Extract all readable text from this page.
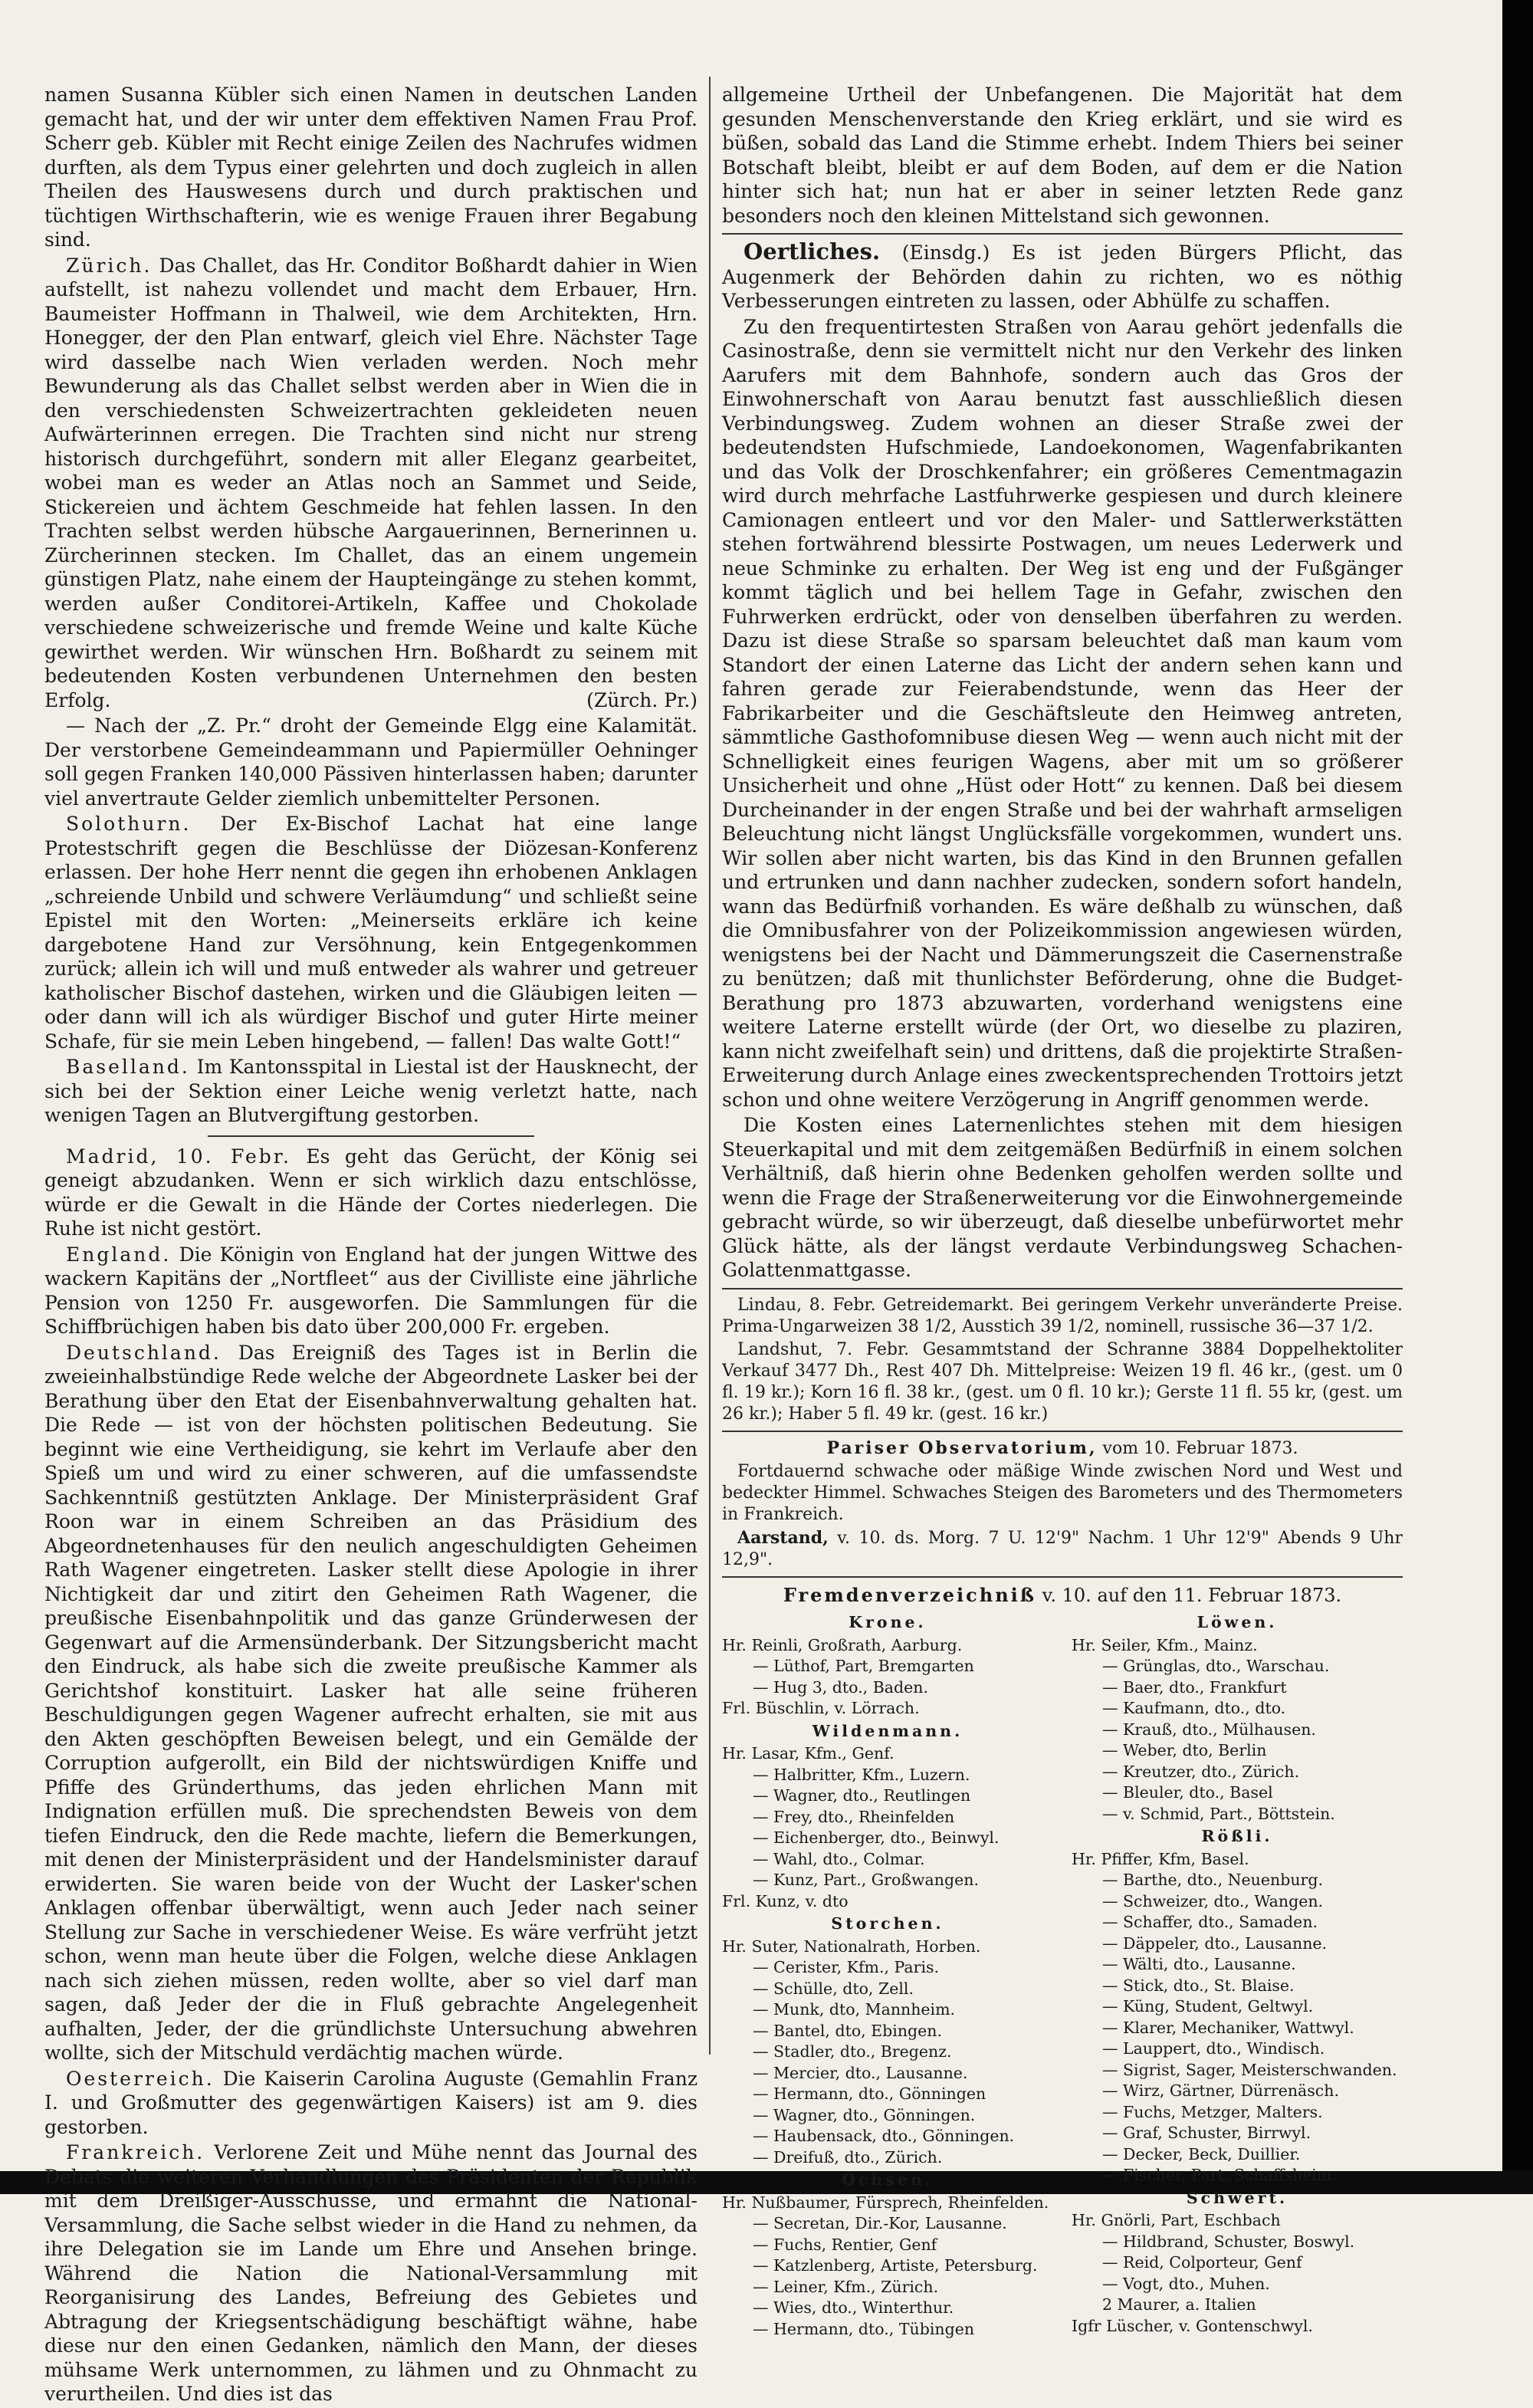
namen Susanna Kübler sich einen Namen in deutschen Landen gemacht hat, und der wir unter dem effektiven Namen Frau Prof. Scherr geb. Kübler mit Recht einige Zeilen des Nachrufes widmen durften, als dem Typus einer gelehrten und doch zugleich in allen Theilen des Hauswesens durch und durch praktischen und tüchtigen Wirthschafterin, wie es wenige Frauen ihrer Begabung sind.

Zürich. Das Challet, das Hr. Conditor Boßhardt dahier in Wien aufstellt, ist nahezu vollendet und macht dem Erbauer, Hrn. Baumeister Hoffmann in Thalweil, wie dem Architekten, Hrn. Honegger, der den Plan entwarf, gleich viel Ehre. Nächster Tage wird dasselbe nach Wien verladen werden. Noch mehr Bewunderung als das Challet selbst werden aber in Wien die in den verschiedensten Schweizertrachten gekleideten neuen Aufwärterinnen erregen. Die Trachten sind nicht nur streng historisch durchgeführt, sondern mit aller Eleganz gearbeitet, wobei man es weder an Atlas noch an Sammet und Seide, Stickereien und ächtem Geschmeide hat fehlen lassen. In den Trachten selbst werden hübsche Aargauerinnen, Bernerinnen u. Zürcherinnen stecken. Im Challet, das an einem ungemein günstigen Platz, nahe einem der Haupteingänge zu stehen kommt, werden außer Conditorei-Artikeln, Kaffee und Chokolade verschiedene schweizerische und fremde Weine und kalte Küche gewirthet werden. Wir wünschen Hrn. Boßhardt zu seinem mit bedeutenden Kosten verbundenen Unternehmen den besten Erfolg.	(Zürch. Pr.)

— Nach der „Z. Pr.“ droht der Gemeinde Elgg eine Kalamität. Der verstorbene Gemeindeammann und Papiermüller Oehninger soll gegen Franken 140,000 Pässiven hinterlassen haben; darunter viel anvertraute Gelder ziemlich unbemittelter Personen.

Solothurn. Der Ex-Bischof Lachat hat eine lange Protestschrift gegen die Beschlüsse der Diözesan-Konferenz erlassen. Der hohe Herr nennt die gegen ihn erhobenen Anklagen „schreiende Unbild und schwere Verläumdung“ und schließt seine Epistel mit den Worten: „Meinerseits erkläre ich keine dargebotene Hand zur Versöhnung, kein Entgegenkommen zurück; allein ich will und muß entweder als wahrer und getreuer katholischer Bischof dastehen, wirken und die Gläubigen leiten — oder dann will ich als würdiger Bischof und guter Hirte meiner Schafe, für sie mein Leben hingebend, — fallen! Das walte Gott!“

Baselland. Im Kantonsspital in Liestal ist der Hausknecht, der sich bei der Sektion einer Leiche wenig verletzt hatte, nach wenigen Tagen an Blutvergiftung gestorben.

Madrid, 10. Febr. Es geht das Gerücht, der König sei geneigt abzudanken. Wenn er sich wirklich dazu entschlösse, würde er die Gewalt in die Hände der Cortes niederlegen. Die Ruhe ist nicht gestört.

England. Die Königin von England hat der jungen Wittwe des wackern Kapitäns der „Nortfleet“ aus der Civilliste eine jährliche Pension von 1250 Fr. ausgeworfen. Die Sammlungen für die Schiffbrüchigen haben bis dato über 200,000 Fr. ergeben.

Deutschland. Das Ereigniß des Tages ist in Berlin die zweieinhalbstündige Rede welche der Abgeordnete Lasker bei der Berathung über den Etat der Eisenbahnverwaltung gehalten hat. Die Rede — ist von der höchsten politischen Bedeutung. Sie beginnt wie eine Vertheidigung, sie kehrt im Verlaufe aber den Spieß um und wird zu einer schweren, auf die umfassendste Sachkenntniß gestützten Anklage. Der Ministerpräsident Graf Roon war in einem Schreiben an das Präsidium des Abgeordnetenhauses für den neulich angeschuldigten Geheimen Rath Wagener eingetreten. Lasker stellt diese Apologie in ihrer Nichtigkeit dar und zitirt den Geheimen Rath Wagener, die preußische Eisenbahnpolitik und das ganze Gründerwesen der Gegenwart auf die Armensünderbank. Der Sitzungsbericht macht den Eindruck, als habe sich die zweite preußische Kammer als Gerichtshof konstituirt. Lasker hat alle seine früheren Beschuldigungen gegen Wagener aufrecht erhalten, sie mit aus den Akten geschöpften Beweisen belegt, und ein Gemälde der Corruption aufgerollt, ein Bild der nichtswürdigen Kniffe und Pfiffe des Gründerthums, das jeden ehrlichen Mann mit Indignation erfüllen muß. Die sprechendsten Beweis von dem tiefen Eindruck, den die Rede machte, liefern die Bemerkungen, mit denen der Ministerpräsident und der Handelsminister darauf erwiderten. Sie waren beide von der Wucht der Lasker'schen Anklagen offenbar überwältigt, wenn auch Jeder nach seiner Stellung zur Sache in verschiedener Weise. Es wäre verfrüht jetzt schon, wenn man heute über die Folgen, welche diese Anklagen nach sich ziehen müssen, reden wollte, aber so viel darf man sagen, daß Jeder der die in Fluß gebrachte Angelegenheit aufhalten, Jeder, der die gründlichste Untersuchung abwehren wollte, sich der Mitschuld verdächtig machen würde.

Oesterreich. Die Kaiserin Carolina Auguste (Gemahlin Franz I. und Großmutter des gegenwärtigen Kaisers) ist am 9. dies gestorben.

Frankreich. Verlorene Zeit und Mühe nennt das Journal des Debats die weiteren Verhandlungen des Präsidenten der Republik mit dem Dreißiger-Ausschusse, und ermahnt die National-Versammlung, die Sache selbst wieder in die Hand zu nehmen, da ihre Delegation sie im Lande um Ehre und Ansehen bringe. Während die Nation die National-Versammlung mit Reorganisirung des Landes, Befreiung des Gebietes und Abtragung der Kriegsentschädigung beschäftigt wähne, habe diese nur den einen Gedanken, nämlich den Mann, der dieses mühsame Werk unternommen, zu lähmen und zu Ohnmacht zu verurtheilen. Und dies ist das

allgemeine Urtheil der Unbefangenen. Die Majorität hat dem gesunden Menschenverstande den Krieg erklärt, und sie wird es büßen, sobald das Land die Stimme erhebt. Indem Thiers bei seiner Botschaft bleibt, bleibt er auf dem Boden, auf dem er die Nation hinter sich hat; nun hat er aber in seiner letzten Rede ganz besonders noch den kleinen Mittelstand sich gewonnen.

Oertliches. (Einsdg.) Es ist jeden Bürgers Pflicht, das Augenmerk der Behörden dahin zu richten, wo es nöthig Verbesserungen eintreten zu lassen, oder Abhülfe zu schaffen.

Zu den frequentirtesten Straßen von Aarau gehört jedenfalls die Casinostraße, denn sie vermittelt nicht nur den Verkehr des linken Aarufers mit dem Bahnhofe, sondern auch das Gros der Einwohnerschaft von Aarau benutzt fast ausschließlich diesen Verbindungsweg. Zudem wohnen an dieser Straße zwei der bedeutendsten Hufschmiede, Landoekonomen, Wagenfabrikanten und das Volk der Droschkenfahrer; ein größeres Cementmagazin wird durch mehrfache Lastfuhrwerke gespiesen und durch kleinere Camionagen entleert und vor den Maler- und Sattlerwerkstätten stehen fortwährend blessirte Postwagen, um neues Lederwerk und neue Schminke zu erhalten. Der Weg ist eng und der Fußgänger kommt täglich und bei hellem Tage in Gefahr, zwischen den Fuhrwerken erdrückt, oder von denselben überfahren zu werden. Dazu ist diese Straße so sparsam beleuchtet daß man kaum vom Standort der einen Laterne das Licht der andern sehen kann und fahren gerade zur Feierabendstunde, wenn das Heer der Fabrikarbeiter und die Geschäftsleute den Heimweg antreten, sämmtliche Gasthofomnibuse diesen Weg — wenn auch nicht mit der Schnelligkeit eines feurigen Wagens, aber mit um so größerer Unsicherheit und ohne „Hüst oder Hott“ zu kennen. Daß bei diesem Durcheinander in der engen Straße und bei der wahrhaft armseligen Beleuchtung nicht längst Unglücksfälle vorgekommen, wundert uns. Wir sollen aber nicht warten, bis das Kind in den Brunnen gefallen und ertrunken und dann nachher zudecken, sondern sofort handeln, wann das Bedürfniß vorhanden. Es wäre deßhalb zu wünschen, daß die Omnibusfahrer von der Polizeikommission angewiesen würden, wenigstens bei der Nacht und Dämmerungszeit die Casernenstraße zu benützen; daß mit thunlichster Beförderung, ohne die Budget-Berathung pro 1873 abzuwarten, vorderhand wenigstens eine weitere Laterne erstellt würde (der Ort, wo dieselbe zu plaziren, kann nicht zweifelhaft sein) und drittens, daß die projektirte Straßen-Erweiterung durch Anlage eines zweckentsprechenden Trottoirs jetzt schon und ohne weitere Verzögerung in Angriff genommen werde.

Die Kosten eines Laternenlichtes stehen mit dem hiesigen Steuerkapital und mit dem zeitgemäßen Bedürfniß in einem solchen Verhältniß, daß hierin ohne Bedenken geholfen werden sollte und wenn die Frage der Straßenerweiterung vor die Einwohnergemeinde gebracht würde, so wir überzeugt, daß dieselbe unbefürwortet mehr Glück hätte, als der längst verdaute Verbindungsweg Schachen-Golattenmattgasse.

Lindau, 8. Febr. Getreidemarkt. Bei geringem Verkehr unveränderte Preise. Prima-Ungarweizen 38 1/2, Ausstich 39 1/2, nominell, russische 36—37 1/2.

Landshut, 7. Febr. Gesammtstand der Schranne 3884 Doppelhektoliter Verkauf 3477 Dh., Rest 407 Dh. Mittelpreise: Weizen 19 fl. 46 kr., (gest. um 0 fl. 19 kr.); Korn 16 fl. 38 kr., (gest. um 0 fl. 10 kr.); Gerste 11 fl. 55 kr, (gest. um 26 kr.); Haber 5 fl. 49 kr. (gest. 16 kr.)

Pariser Observatorium, vom 10. Februar 1873.

Fortdauernd schwache oder mäßige Winde zwischen Nord und West und bedeckter Himmel. Schwaches Steigen des Barometers und des Thermometers in Frankreich.

Aarstand, v. 10. ds. Morg. 7 U. 12'9" Nachm. 1 Uhr 12'9" Abends 9 Uhr 12,9".

Fremdenverzeichniß v. 10. auf den 11. Februar 1873.
Krone.
Hr. Reinli, Großrath, Aarburg.
— Lüthof, Part, Bremgarten
— Hug 3, dto., Baden.
Frl. Büschlin, v. Lörrach.
Wildenmann.
Hr. Lasar, Kfm., Genf.
— Halbritter, Kfm., Luzern.
— Wagner, dto., Reutlingen
— Frey, dto., Rheinfelden
— Eichenberger, dto., Beinwyl.
— Wahl, dto., Colmar.
— Kunz, Part., Großwangen.
Frl. Kunz, v. dto
Storchen.
Hr. Suter, Nationalrath, Horben.
— Cerister, Kfm., Paris.
— Schülle, dto, Zell.
— Munk, dto, Mannheim.
— Bantel, dto, Ebingen.
— Stadler, dto., Bregenz.
— Mercier, dto., Lausanne.
— Hermann, dto., Gönningen
— Wagner, dto., Gönningen.
— Haubensack, dto., Gönningen.
— Dreifuß, dto., Zürich.
Ochsen.
Hr. Nußbaumer, Fürsprech, Rheinfelden.
— Secretan, Dir.-Kor, Lausanne.
— Fuchs, Rentier, Genf
— Katzlenberg, Artiste, Petersburg.
— Leiner, Kfm., Zürich.
— Wies, dto., Winterthur.
— Hermann, dto., Tübingen
Löwen.
Hr. Seiler, Kfm., Mainz.
— Grünglas, dto., Warschau.
— Baer, dto., Frankfurt
— Kaufmann, dto., dto.
— Krauß, dto., Mülhausen.
— Weber, dto, Berlin
— Kreutzer, dto., Zürich.
— Bleuler, dto., Basel
— v. Schmid, Part., Böttstein.
Rößli.
Hr. Pfiffer, Kfm, Basel.
— Barthe, dto., Neuenburg.
— Schweizer, dto., Wangen.
— Schaffer, dto., Samaden.
— Däppeler, dto., Lausanne.
— Wälti, dto., Lausanne.
— Stick, dto., St. Blaise.
— Küng, Student, Geltwyl.
— Klarer, Mechaniker, Wattwyl.
— Lauppert, dto., Windisch.
— Sigrist, Sager, Meisterschwanden.
— Wirz, Gärtner, Dürrenäsch.
— Fuchs, Metzger, Malters.
— Graf, Schuster, Birrwyl.
— Decker, Beck, Duillier.
— Fischer, Part. Schaffsheim.
Schwert.
Hr. Gnörli, Part, Eschbach
— Hildbrand, Schuster, Boswyl.
— Reid, Colporteur, Genf
— Vogt, dto., Muhen.
2 Maurer, a. Italien
Igfr Lüscher, v. Gontenschwyl.
